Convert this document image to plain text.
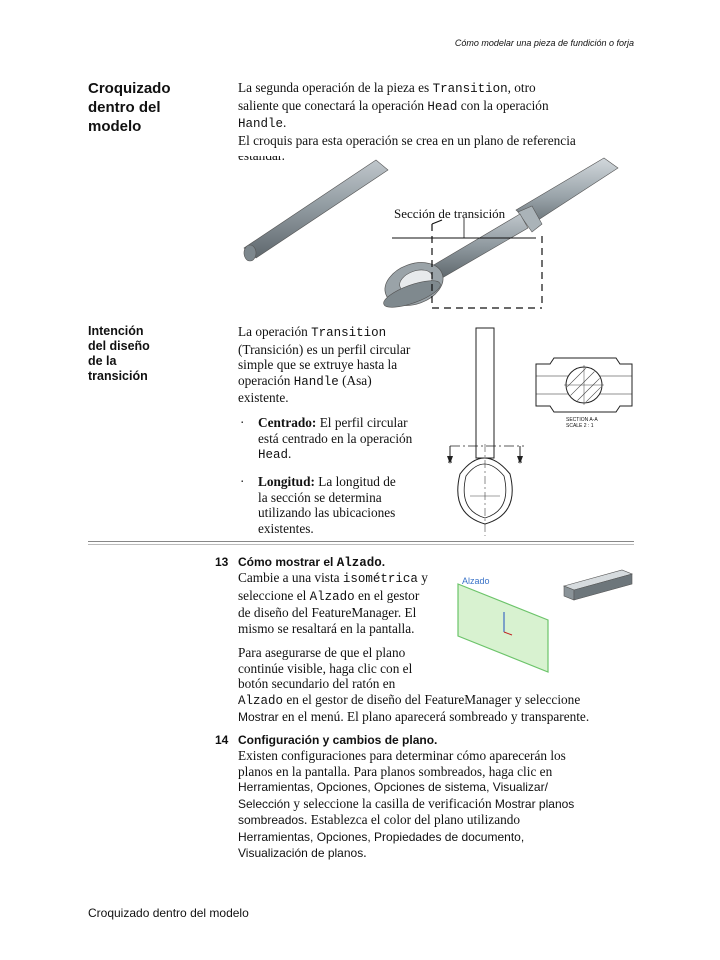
Cómo modelar una pieza de fundición o forja
Croquizado
dentro del
modelo
La segunda operación de la pieza es Transition, otro
saliente que conectará la operación Head con la operación
Handle.
El croquis para esta operación se crea en un plano de referencia
Sección de transición
Intención
del diseño
de la
transición
La operación Transition
(Transición) es un perfil circular
simple que se extruye hasta la
operación Handle (Asa)
existente.
· Centrado: El perfil circular
está centrado en la operación
Head.
· Longitud: La longitud de
la sección se determina
utilizando las ubicaciones
existentes.
A	A
SECTION A-A
SCALE 2 : 1
13 Cómo mostrar el Alzado.
Cambie a una vista isométrica y
seleccione el Alzado en el gestor
de diseño del FeatureManager. El
mismo se resaltará en la pantalla.
Para asegurarse de que el plano
continúe visible, haga clic con el
botón secundario del ratón en
Alzado en el gestor de diseño del FeatureManager y seleccione
Mostrar en el menú. El plano aparecerá sombreado y transparente.
Alzado
14 Configuración y cambios de plano.
Existen configuraciones para determinar cómo aparecerán los
planos en la pantalla. Para planos sombreados, haga clic en
Herramientas, Opciones, Opciones de sistema, Visualizar/
Selección y seleccione la casilla de verificación Mostrar planos
sombreados. Establezca el color del plano utilizando
Herramientas, Opciones, Propiedades de documento,
Visualización de planos.
Croquizado dentro del modelo
